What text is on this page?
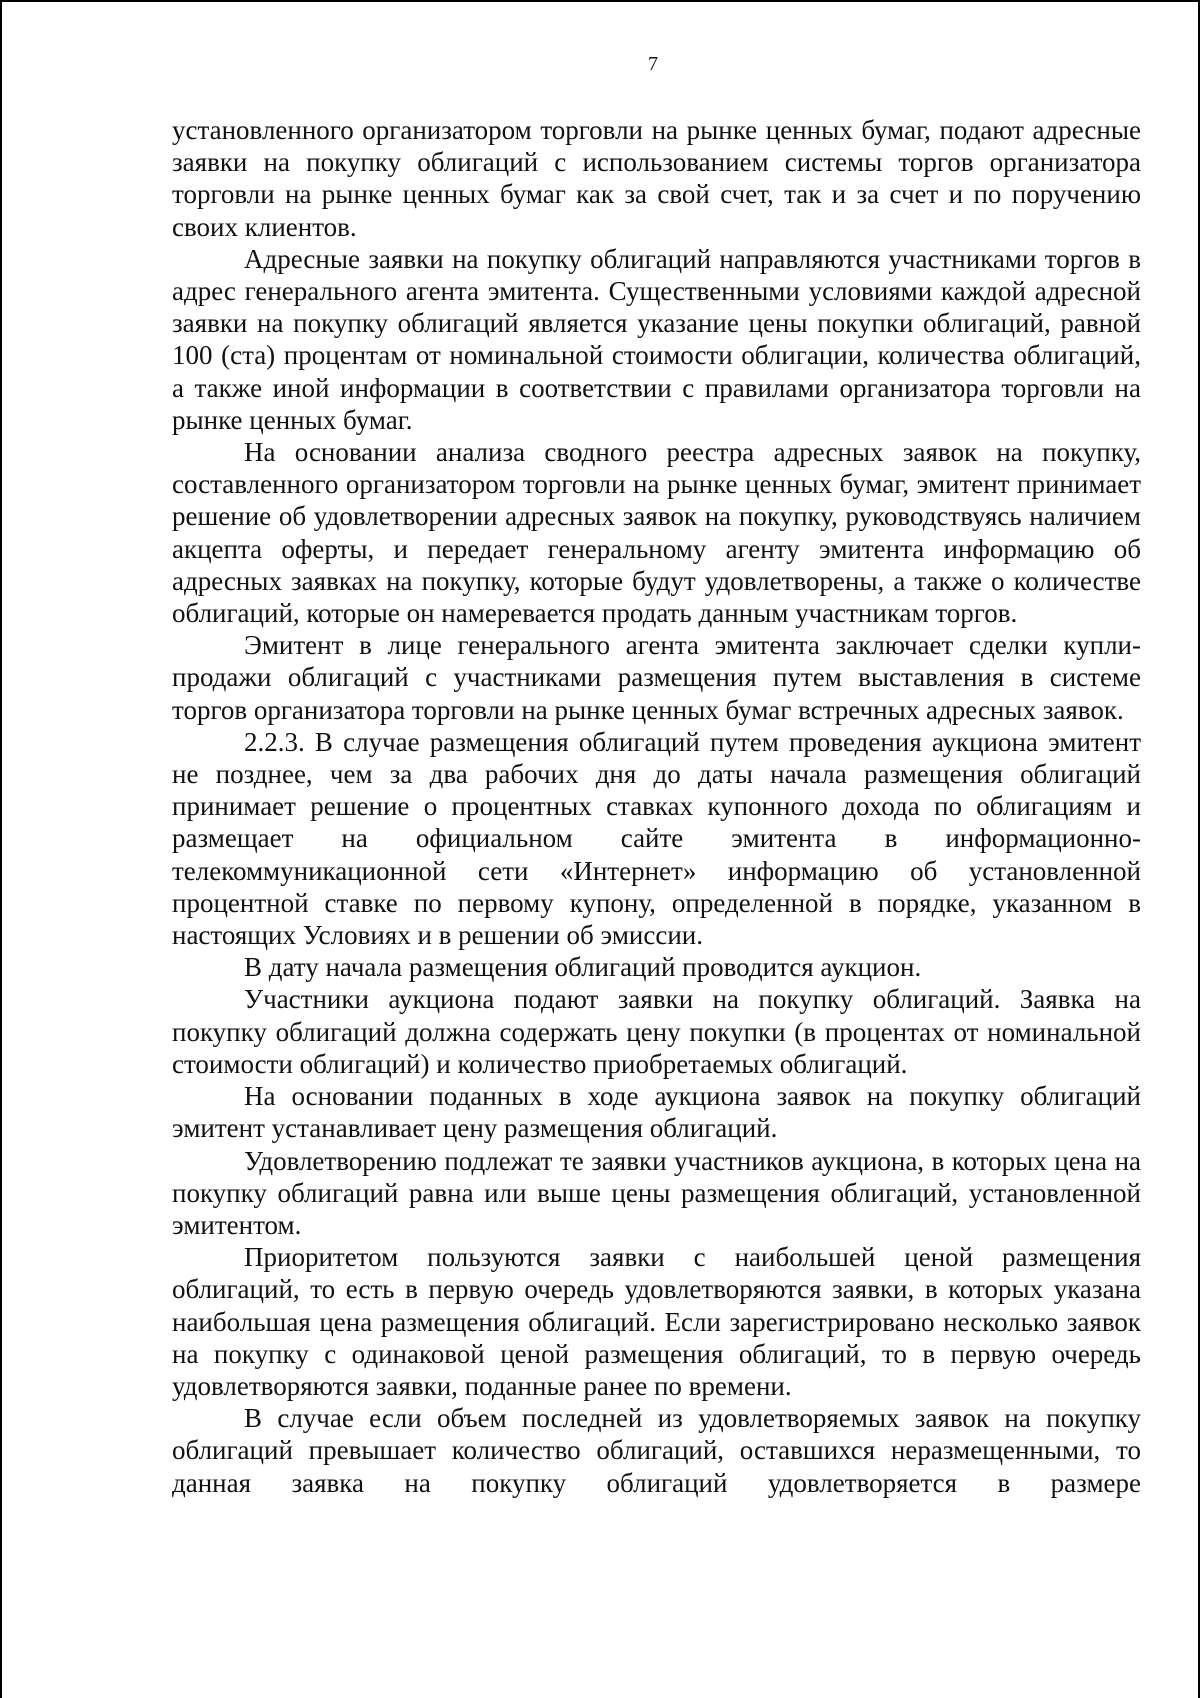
7

установленного организатором торговли на рынке ценных бумаг, подают адресные заявки на покупку облигаций с использованием системы торгов организатора торговли на рынке ценных бумаг как за свой счет, так и за счет и по поручению своих клиентов.

Адресные заявки на покупку облигаций направляются участниками торгов в адрес генерального агента эмитента. Существенными условиями каждой адресной заявки на покупку облигаций является указание цены покупки облигаций, равной 100 (ста) процентам от номинальной стоимости облигации, количества облигаций, а также иной информации в соответствии с правилами организатора торговли на рынке ценных бумаг.

На основании анализа сводного реестра адресных заявок на покупку, составленного организатором торговли на рынке ценных бумаг, эмитент принимает решение об удовлетворении адресных заявок на покупку, руководствуясь наличием акцепта оферты, и передает генеральному агенту эмитента информацию об адресных заявках на покупку, которые будут удовлетворены, а также о количестве облигаций, которые он намеревается продать данным участникам торгов.

Эмитент в лице генерального агента эмитента заключает сделки купли-продажи облигаций с участниками размещения путем выставления в системе торгов организатора торговли на рынке ценных бумаг встречных адресных заявок.

2.2.3. В случае размещения облигаций путем проведения аукциона эмитент не позднее, чем за два рабочих дня до даты начала размещения облигаций принимает решение о процентных ставках купонного дохода по облигациям и размещает на официальном сайте эмитента в информационно-телекоммуникационной сети «Интернет» информацию об установленной процентной ставке по первому купону, определенной в порядке, указанном в настоящих Условиях и в решении об эмиссии.

В дату начала размещения облигаций проводится аукцион.

Участники аукциона подают заявки на покупку облигаций. Заявка на покупку облигаций должна содержать цену покупки (в процентах от номинальной стоимости облигаций) и количество приобретаемых облигаций.

На основании поданных в ходе аукциона заявок на покупку облигаций эмитент устанавливает цену размещения облигаций.

Удовлетворению подлежат те заявки участников аукциона, в которых цена на покупку облигаций равна или выше цены размещения облигаций, установленной эмитентом.

Приоритетом пользуются заявки с наибольшей ценой размещения облигаций, то есть в первую очередь удовлетворяются заявки, в которых указана наибольшая цена размещения облигаций. Если зарегистрировано несколько заявок на покупку с одинаковой ценой размещения облигаций, то в первую очередь удовлетворяются заявки, поданные ранее по времени.

В случае если объем последней из удовлетворяемых заявок на покупку облигаций превышает количество облигаций, оставшихся неразмещенными, то данная заявка на покупку облигаций удовлетворяется в размере
